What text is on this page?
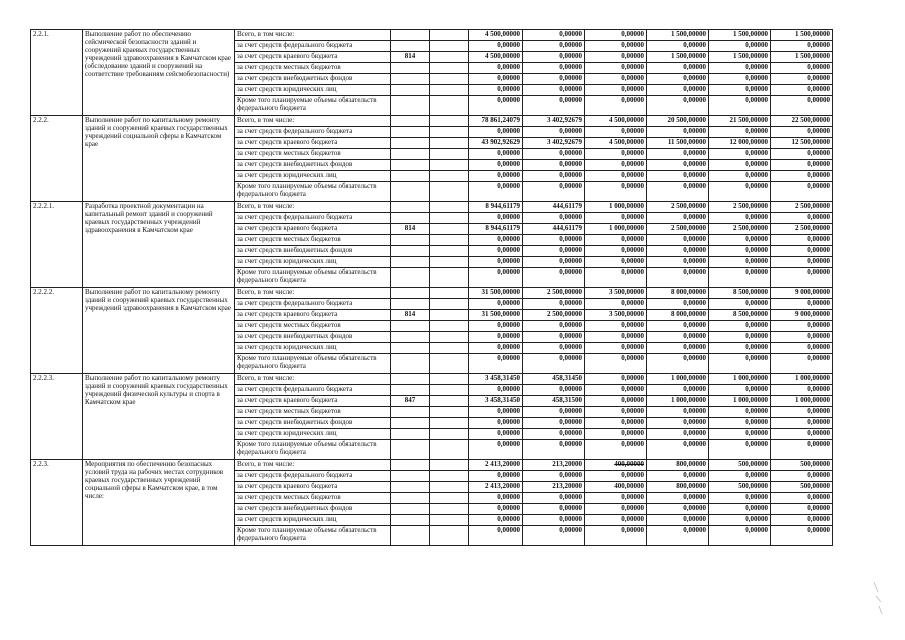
2.2.1.	Выполнение работ по обеспечению сейсмической безопасности зданий и сооружений краевых государственных учреждений здравоохранения в Камчатском крае (обследование зданий и сооружений на соответствие требованиям сейсмобезопасности)	Всего, в том числе:			4 500,00000	0,00000	0,00000	1 500,00000	1 500,00000	1 500,00000
		за счет средств федерального бюджета			0,00000	0,00000	0,00000	0,00000	0,00000	0,00000
		за счет средств краевого бюджета	814		4 500,00000	0,00000	0,00000	1 500,00000	1 500,00000	1 500,00000
		за счет средств местных бюджетов			0,00000	0,00000	0,00000	0,00000	0,00000	0,00000
		за счет средств внебюджетных фондов			0,00000	0,00000	0,00000	0,00000	0,00000	0,00000
		за счет средств юридических лиц			0,00000	0,00000	0,00000	0,00000	0,00000	0,00000
		Кроме того планируемые объемы обязательств федерального бюджета			0,00000	0,00000	0,00000	0,00000	0,00000	0,00000
2.2.2.	Выполнение работ по капитальному ремонту зданий и сооружений краевых государственных учреждений социальной сферы в Камчатском крае	Всего, в том числе:			78 861,24079	3 402,92679	4 500,00000	20 500,00000	21 500,00000	22 500,00000
		за счет средств федерального бюджета			0,00000	0,00000	0,00000	0,00000	0,00000	0,00000
		за счет средств краевого бюджета			43 902,92629	3 402,92679	4 500,00000	11 500,00000	12 000,00000	12 500,00000
		за счет средств местных бюджетов			0,00000	0,00000	0,00000	0,00000	0,00000	0,00000
		за счет средств внебюджетных фондов			0,00000	0,00000	0,00000	0,00000	0,00000	0,00000
		за счет средств юридических лиц			0,00000	0,00000	0,00000	0,00000	0,00000	0,00000
		Кроме того планируемые объемы обязательств федерального бюджета			0,00000	0,00000	0,00000	0,00000	0,00000	0,00000
2.2.2.1.	Разработка проектной документации на капитальный ремонт зданий и сооружений краевых государственных учреждений здравоохранения в Камчатском крае	Всего, в том числе:			8 944,61179	444,61179	1 000,00000	2 500,00000	2 500,00000	2 500,00000
		за счет средств федерального бюджета			0,00000	0,00000	0,00000	0,00000	0,00000	0,00000
		за счет средств краевого бюджета	814		8 944,61179	444,61179	1 000,00000	2 500,00000	2 500,00000	2 500,00000
		за счет средств местных бюджетов			0,00000	0,00000	0,00000	0,00000	0,00000	0,00000
		за счет средств внебюджетных фондов			0,00000	0,00000	0,00000	0,00000	0,00000	0,00000
		за счет средств юридических лиц			0,00000	0,00000	0,00000	0,00000	0,00000	0,00000
		Кроме того планируемые объемы обязательств федерального бюджета			0,00000	0,00000	0,00000	0,00000	0,00000	0,00000
2.2.2.2.	Выполнение работ по капитальному ремонту зданий и сооружений краевых государственных учреждений здравоохранения в Камчатском крае	Всего, в том числе:			31 500,00000	2 500,00000	3 500,00000	8 000,00000	8 500,00000	9 000,00000
		за счет средств федерального бюджета			0,00000	0,00000	0,00000	0,00000	0,00000	0,00000
		за счет средств краевого бюджета	814		31 500,00000	2 500,00000	3 500,00000	8 000,00000	8 500,00000	9 000,00000
		за счет средств местных бюджетов			0,00000	0,00000	0,00000	0,00000	0,00000	0,00000
		за счет средств внебюджетных фондов			0,00000	0,00000	0,00000	0,00000	0,00000	0,00000
		за счет средств юридических лиц			0,00000	0,00000	0,00000	0,00000	0,00000	0,00000
		Кроме того планируемые объемы обязательств федерального бюджета			0,00000	0,00000	0,00000	0,00000	0,00000	0,00000
2.2.2.3.	Выполнение работ по капитальному ремонту зданий и сооружений краевых государственных учреждений физической культуры и спорта в Камчатском крае	Всего, в том числе:			3 458,31450	458,31450	0,00000	1 000,00000	1 000,00000	1 000,00000
		за счет средств федерального бюджета			0,00000	0,00000	0,00000	0,00000	0,00000	0,00000
		за счет средств краевого бюджета	847		3 458,31450	458,31500	0,00000	1 000,00000	1 000,00000	1 000,00000
		за счет средств местных бюджетов			0,00000	0,00000	0,00000	0,00000	0,00000	0,00000
		за счет средств внебюджетных фондов			0,00000	0,00000	0,00000	0,00000	0,00000	0,00000
		за счет средств юридических лиц			0,00000	0,00000	0,00000	0,00000	0,00000	0,00000
		Кроме того планируемые объемы обязательств федерального бюджета			0,00000	0,00000	0,00000	0,00000	0,00000	0,00000
2.2.3.	Мероприятия по обеспечению безопасных условий труда на рабочих местах сотрудников краевых государственных учреждений социальной сферы в Камчатском крае, в том числе:	Всего, в том числе:			2 413,20000	213,20000	400,00000	800,00000	500,00000	500,00000
		за счет средств федерального бюджета			0,00000	0,00000	0,00000	0,00000	0,00000	0,00000
		за счет средств краевого бюджета			2 413,20000	213,20000	400,00000	800,00000	500,00000	500,00000
		за счет средств местных бюджетов			0,00000	0,00000	0,00000	0,00000	0,00000	0,00000
		за счет средств внебюджетных фондов			0,00000	0,00000	0,00000	0,00000	0,00000	0,00000
		за счет средств юридических лиц			0,00000	0,00000	0,00000	0,00000	0,00000	0,00000
		Кроме того планируемые объемы обязательств федерального бюджета			0,00000	0,00000	0,00000	0,00000	0,00000	0,00000
